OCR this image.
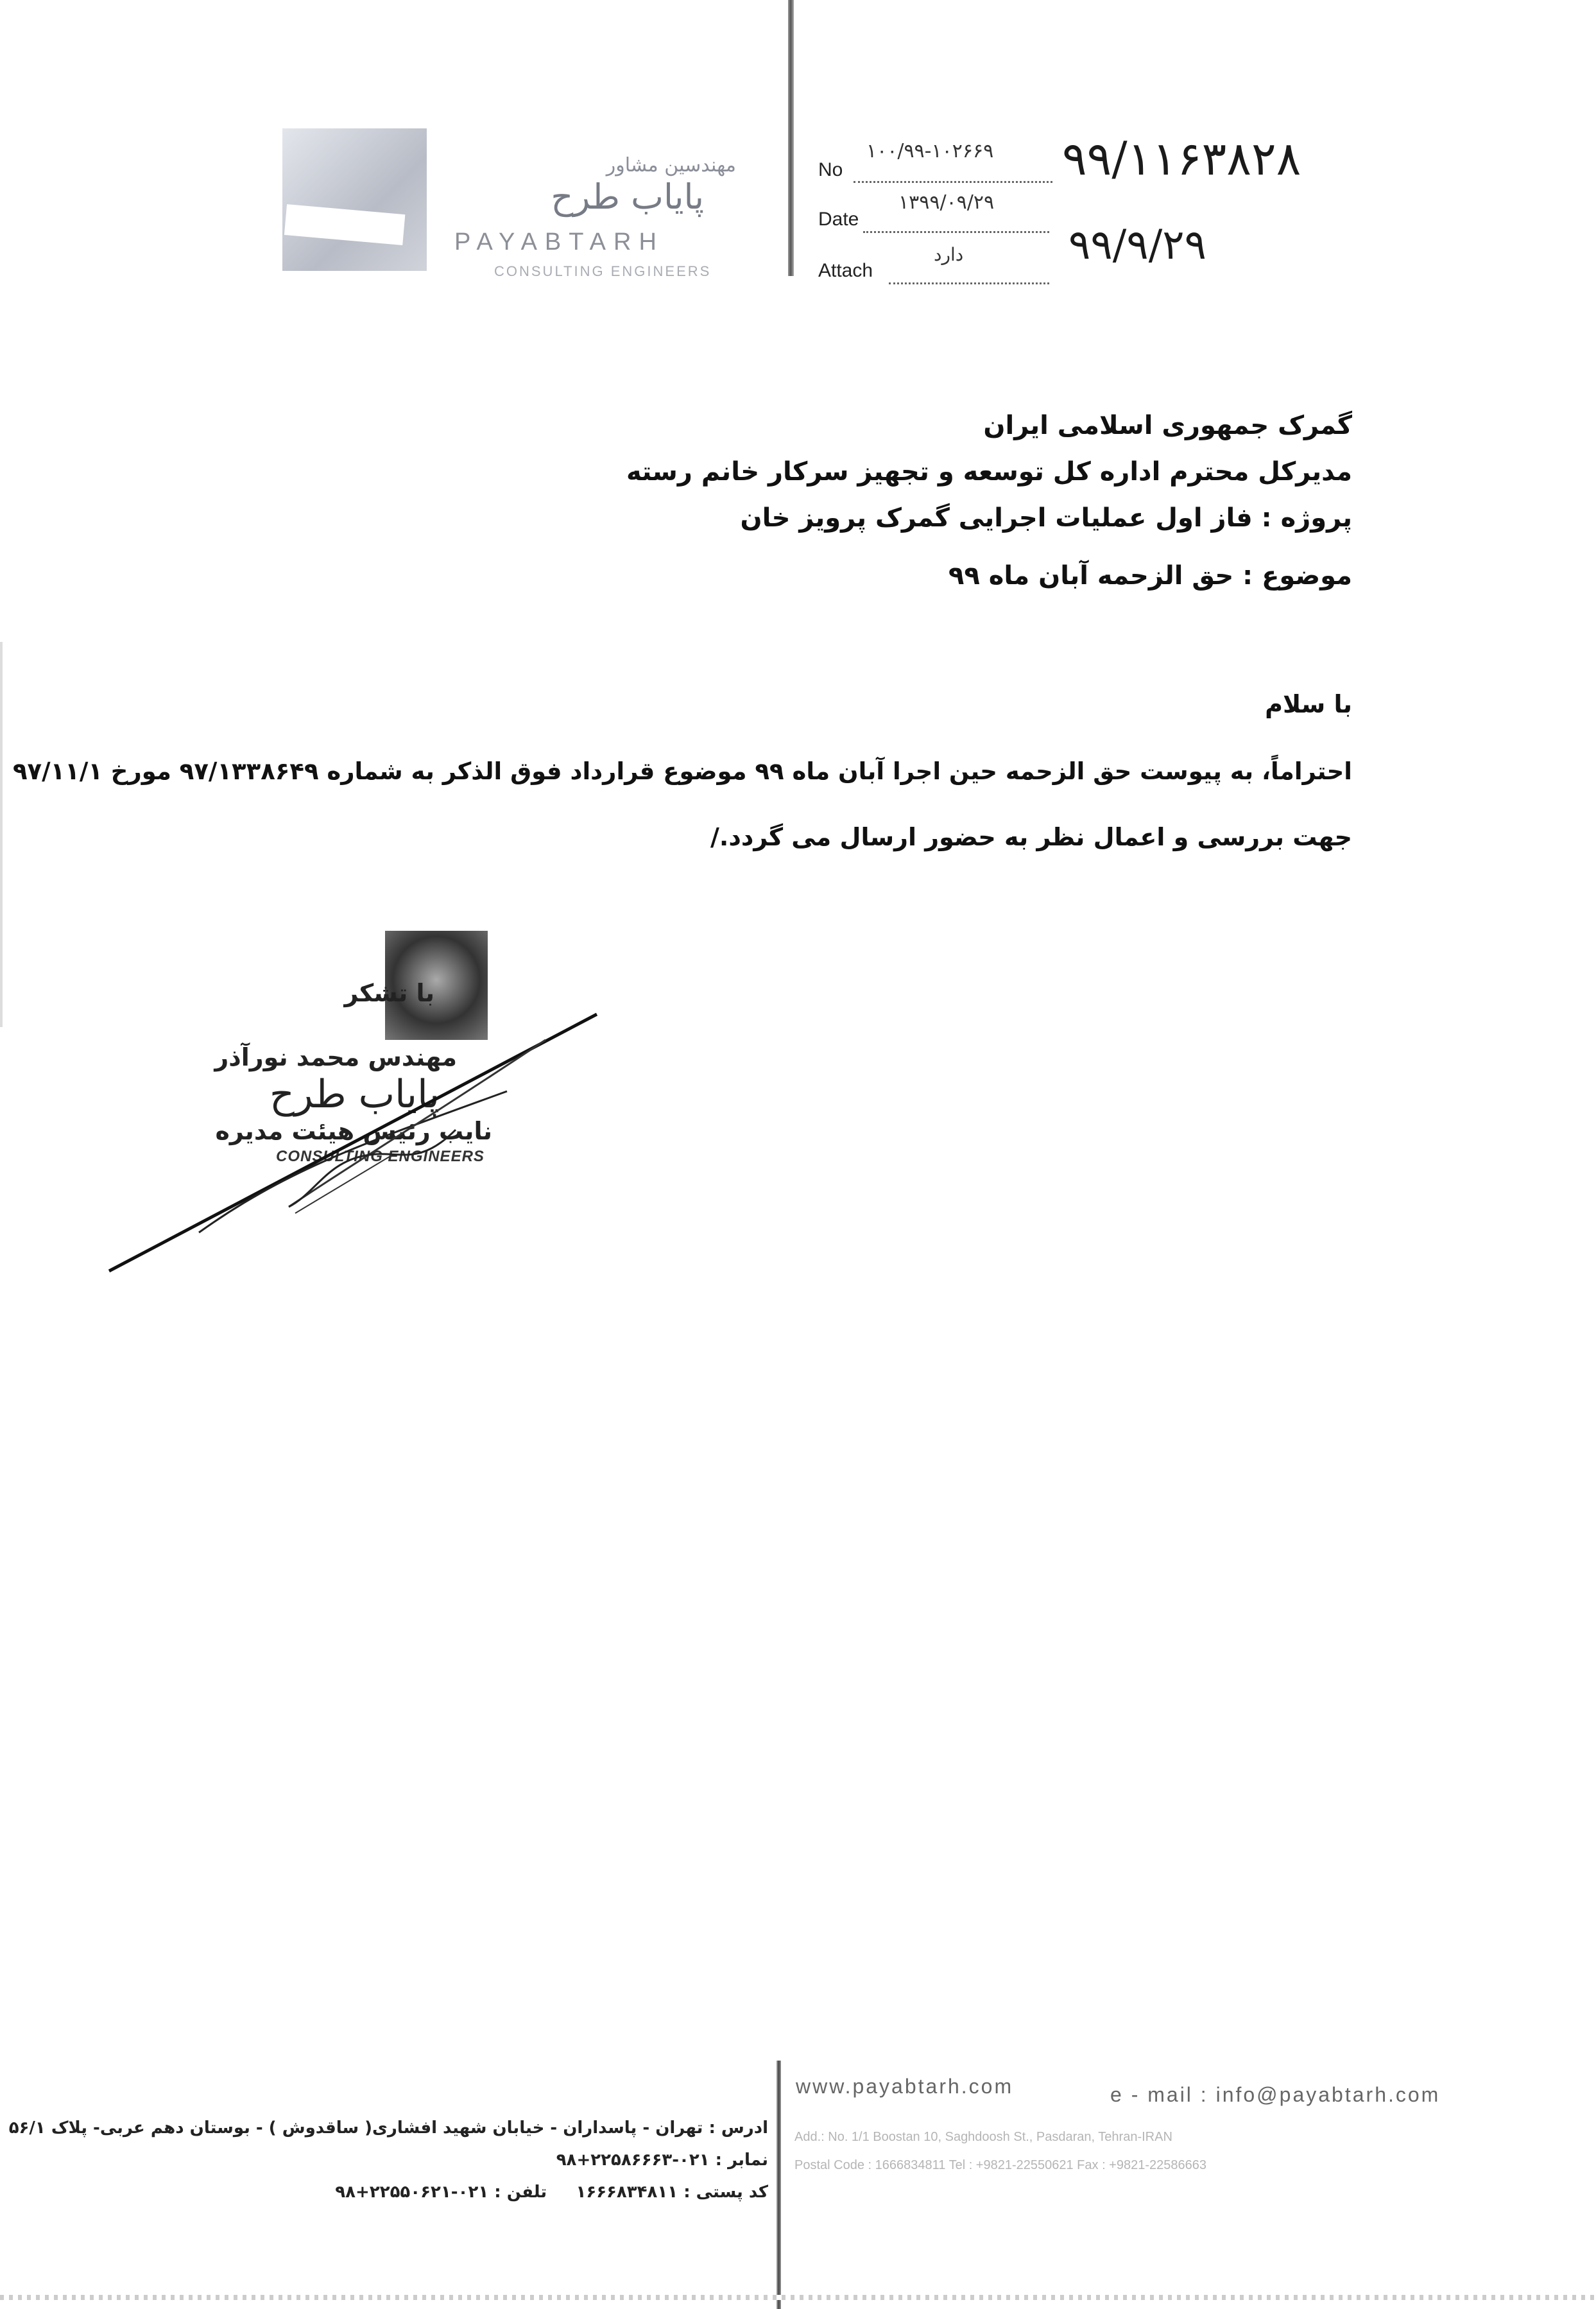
مهندسین مشاور
پایاب طرح
PAYABTARH
CONSULTING ENGINEERS
No
۱۰۰/۹۹-۱۰۲۶۶۹ ۹۹/۱۱۶۳۸۲۸
Date
۱۳۹۹/۰۹/۲۹
۹۹/۹/۲۹
Attach
دارد
گمرک جمهوری اسلامی ایران
مدیرکل محترم اداره کل توسعه و تجهیز سرکار خانم رسته
پروژه : فاز اول عملیات اجرایی گمرک پرویز خان
موضوع : حق الزحمه آبان ماه ۹۹
با سلام
احتراماً، به پیوست حق الزحمه حین اجرا آبان ماه ۹۹ موضوع قرارداد فوق الذکر به شماره ۹۷/۱۳۳۸۶۴۹ مورخ ۹۷/۱۱/۱
جهت بررسی و اعمال نظر به حضور ارسال می گردد./
با تشکر
مهندس محمد نورآذر
پایاب طرح
نایب رئیس هیئت مدیره
CONSULTING ENGINEERS
www.payabtarh.com	e - mail : info@payabtarh.com
ادرس : تهران - پاسداران - خیابان شهید افشاری( ساقدوش ) - بوستان دهم عربی- پلاک ۵۶/۱
نمابر : ۰۲۱-۲۲۵۸۶۶۶۳+۹۸
کد پستی : ۱۶۶۶۸۳۴۸۱۱     تلفن : ۰۲۱-۲۲۵۵۰۶۲۱+۹۸
Add.: No. 1/1 Boostan 10, Saghdoosh St., Pasdaran, Tehran-IRAN
Postal Code : 1666834811 Tel : +9821-22550621 Fax : +9821-22586663
